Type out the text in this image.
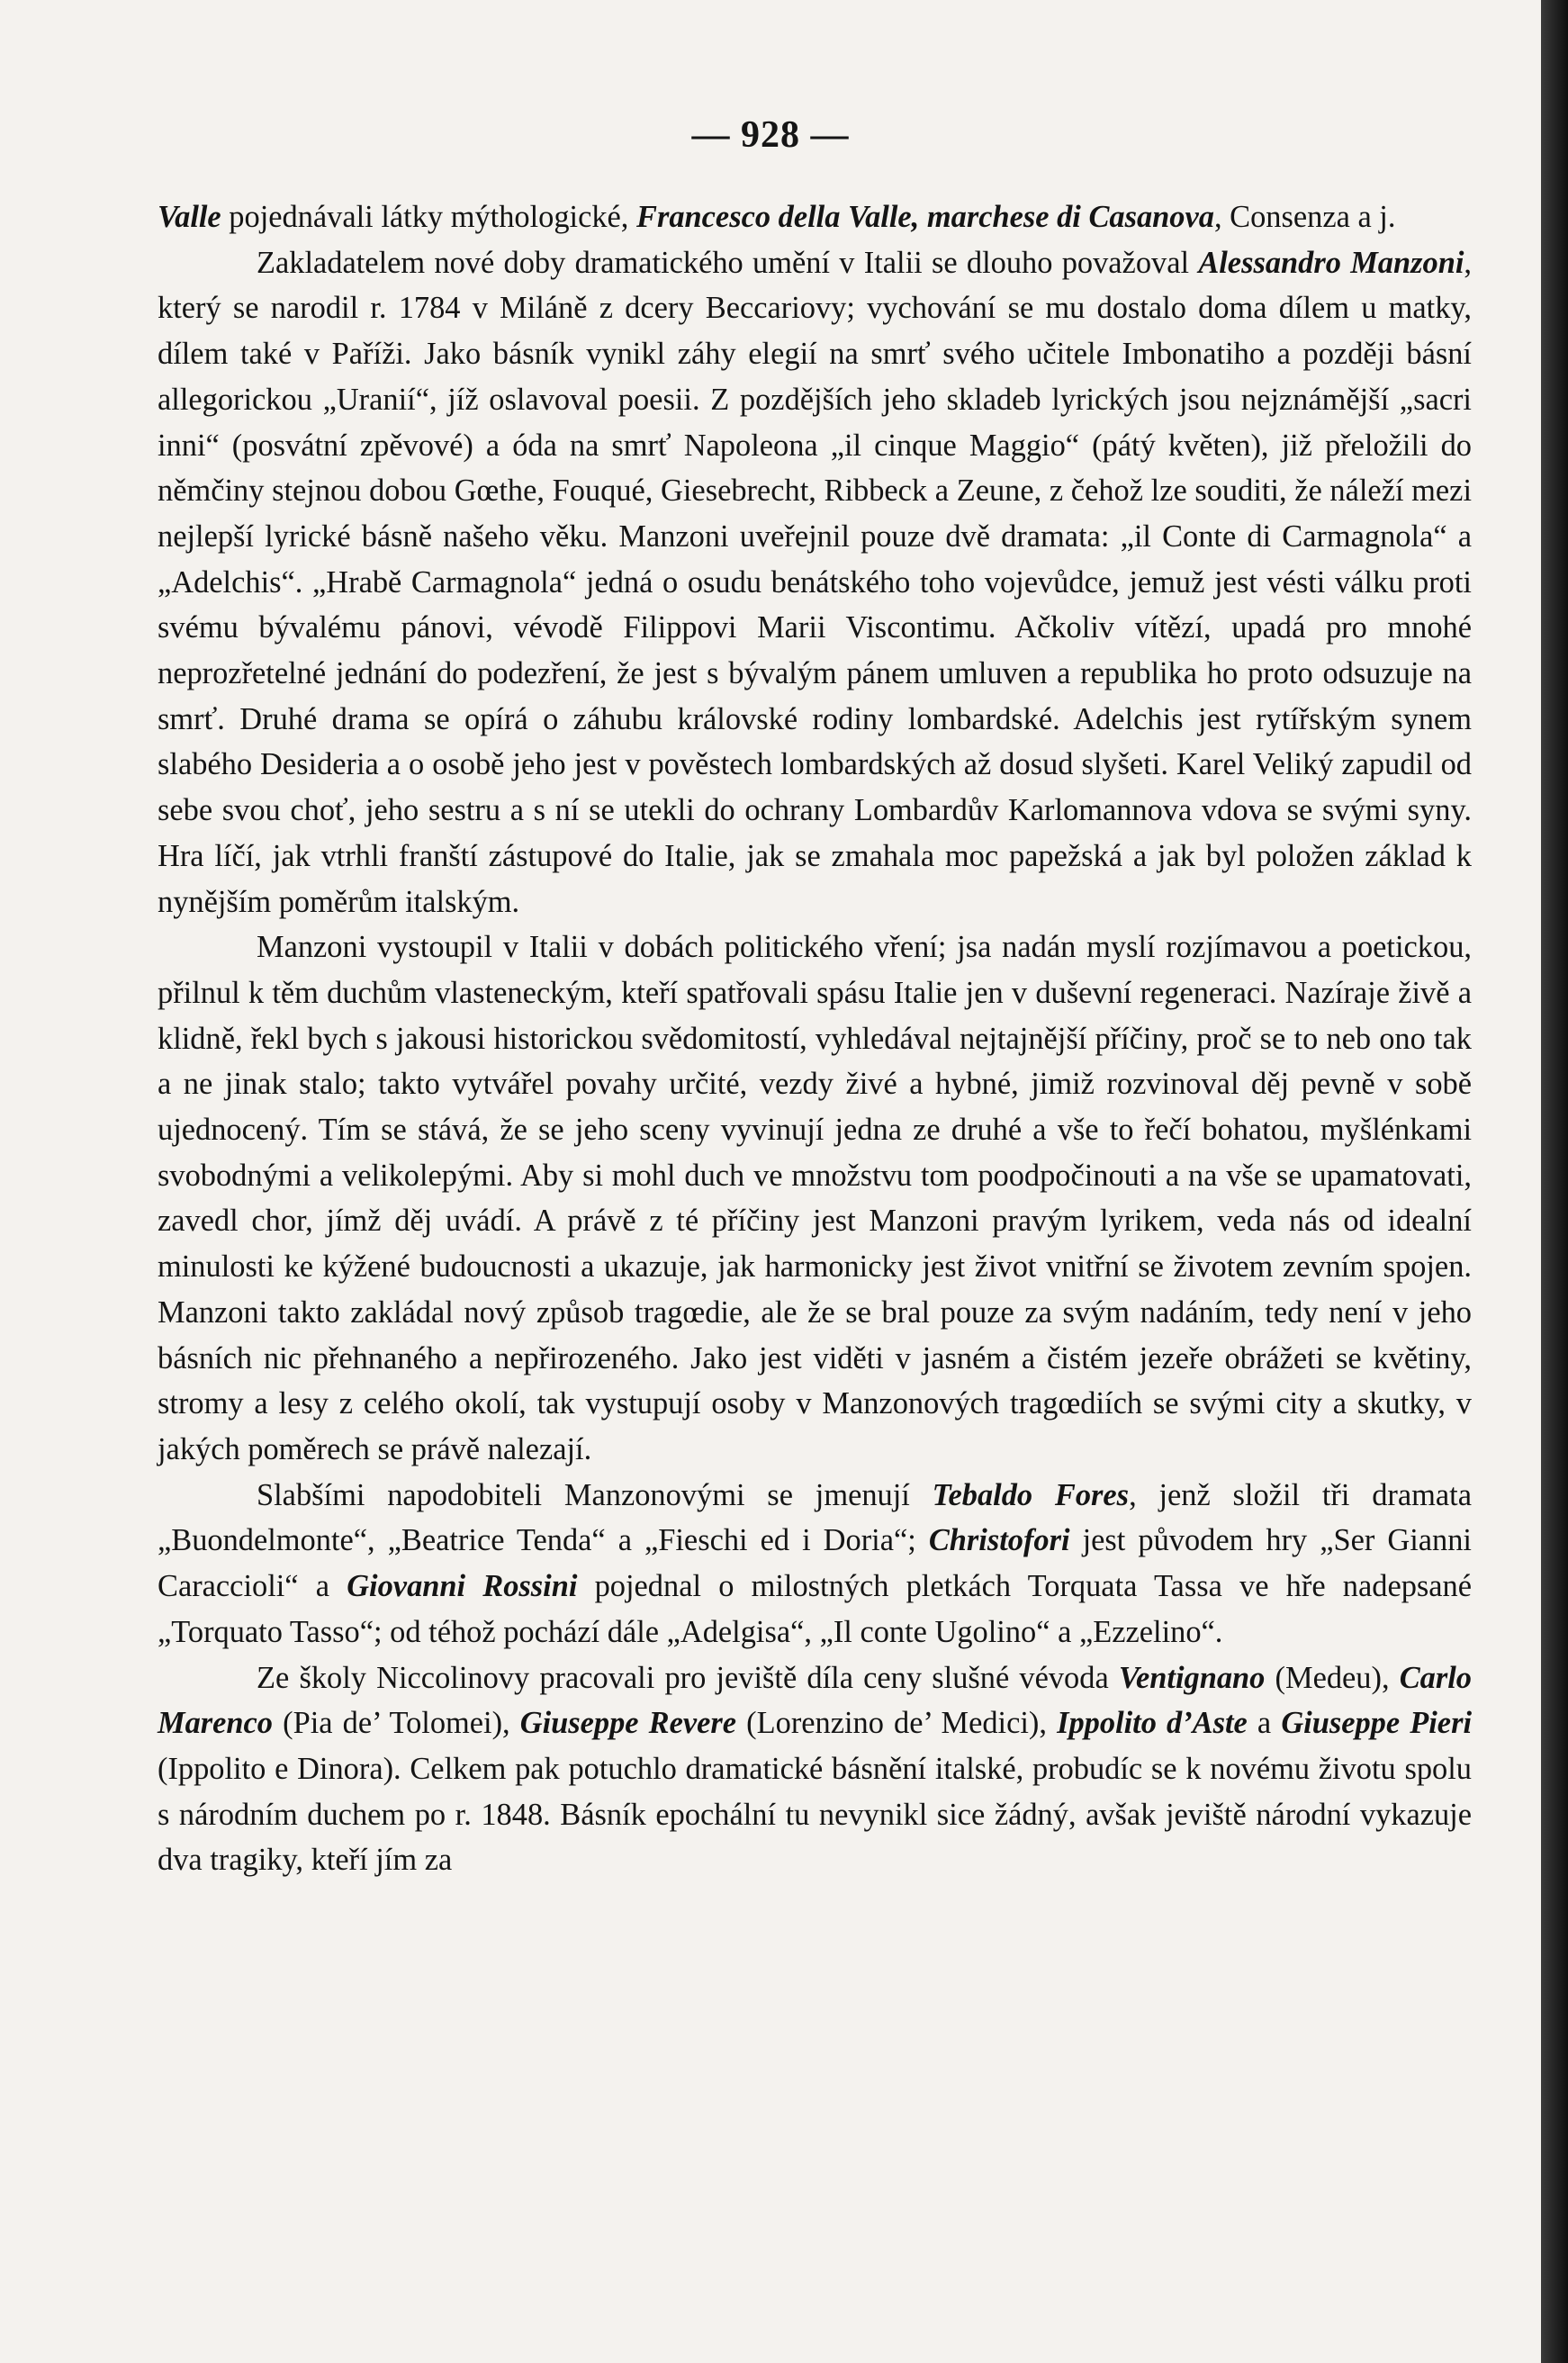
— 928 —

Valle pojednávali látky mýthologické, Francesco della Valle, marchese di Casanova, Consenza a j.

Zakladatelem nové doby dramatického umění v Italii se dlouho považoval Alessandro Manzoni, který se narodil r. 1784 v Miláně z dcery Beccariovy; vychování se mu dostalo doma dílem u matky, dílem také v Paříži. Jako básník vynikl záhy elegií na smrť svého učitele Imbonatiho a později básní allegorickou „Uranií“, jíž oslavoval poesii. Z pozdějších jeho skladeb lyrických jsou nejznámější „sacri inni“ (posvátní zpěvové) a óda na smrť Napoleona „il cinque Maggio“ (pátý květen), již přeložili do němčiny stejnou dobou Gœthe, Fouqué, Giesebrecht, Ribbeck a Zeune, z čehož lze souditi, že náleží mezi nejlepší lyrické básně našeho věku. Manzoni uveřejnil pouze dvě dramata: „il Conte di Carmagnola“ a „Adelchis“. „Hrabě Carmagnola“ jedná o osudu benátského toho vojevůdce, jemuž jest vésti válku proti svému bývalému pánovi, vévodě Filippovi Marii Viscontimu. Ačkoliv vítězí, upadá pro mnohé neprozřetelné jednání do podezření, že jest s bývalým pánem umluven a republika ho proto odsuzuje na smrť. Druhé drama se opírá o záhubu královské rodiny lombardské. Adelchis jest rytířským synem slabého Desideria a o osobě jeho jest v pověstech lombardských až dosud slyšeti. Karel Veliký zapudil od sebe svou choť, jeho sestru a s ní se utekli do ochrany Lombardův Karlomannova vdova se svými syny. Hra líčí, jak vtrhli franští zástupové do Italie, jak se zmahala moc papežská a jak byl položen základ k nynějším poměrům italským.

Manzoni vystoupil v Italii v dobách politického vření; jsa nadán myslí rozjímavou a poetickou, přilnul k těm duchům vlasteneckým, kteří spatřovali spásu Italie jen v duševní regeneraci. Nazíraje živě a klidně, řekl bych s jakousi historickou svědomitostí, vyhledával nejtajnější příčiny, proč se to neb ono tak a ne jinak stalo; takto vytvářel povahy určité, vezdy živé a hybné, jimiž rozvinoval děj pevně v sobě ujednocený. Tím se stává, že se jeho sceny vyvinují jedna ze druhé a vše to řečí bohatou, myšlénkami svobodnými a velikolepými. Aby si mohl duch ve množstvu tom poodpočinouti a na vše se upamatovati, zavedl chor, jímž děj uvádí. A právě z té příčiny jest Manzoni pravým lyrikem, veda nás od idealní minulosti ke kýžené budoucnosti a ukazuje, jak harmonicky jest život vnitřní se životem zevním spojen. Manzoni takto zakládal nový způsob tragœdie, ale že se bral pouze za svým nadáním, tedy není v jeho básních nic přehnaného a nepřirozeného. Jako jest viděti v jasném a čistém jezeře obrážeti se květiny, stromy a lesy z celého okolí, tak vystupují osoby v Manzonových tragœdiích se svými city a skutky, v jakých poměrech se právě nalezají.

Slabšími napodobiteli Manzonovými se jmenují Tebaldo Fores, jenž složil tři dramata „Buondelmonte“, „Beatrice Tenda“ a „Fieschi ed i Doria“; Christofori jest původem hry „Ser Gianni Caraccioli“ a Giovanni Rossini pojednal o milostných pletkách Torquata Tassa ve hře nadepsané „Torquato Tasso“; od téhož pochází dále „Adelgisa“, „Il conte Ugolino“ a „Ezzelino“.

Ze školy Niccolinovy pracovali pro jeviště díla ceny slušné vévoda Ventignano (Medeu), Carlo Marenco (Pia de’ Tolomei), Giuseppe Revere (Lorenzino de’ Medici), Ippolito d’Aste a Giuseppe Pieri (Ippolito e Dinora). Celkem pak potuchlo dramatické básnění italské, probudíc se k novému životu spolu s národním duchem po r. 1848. Básník epochální tu nevynikl sice žádný, avšak jeviště národní vykazuje dva tragiky, kteří jím za
